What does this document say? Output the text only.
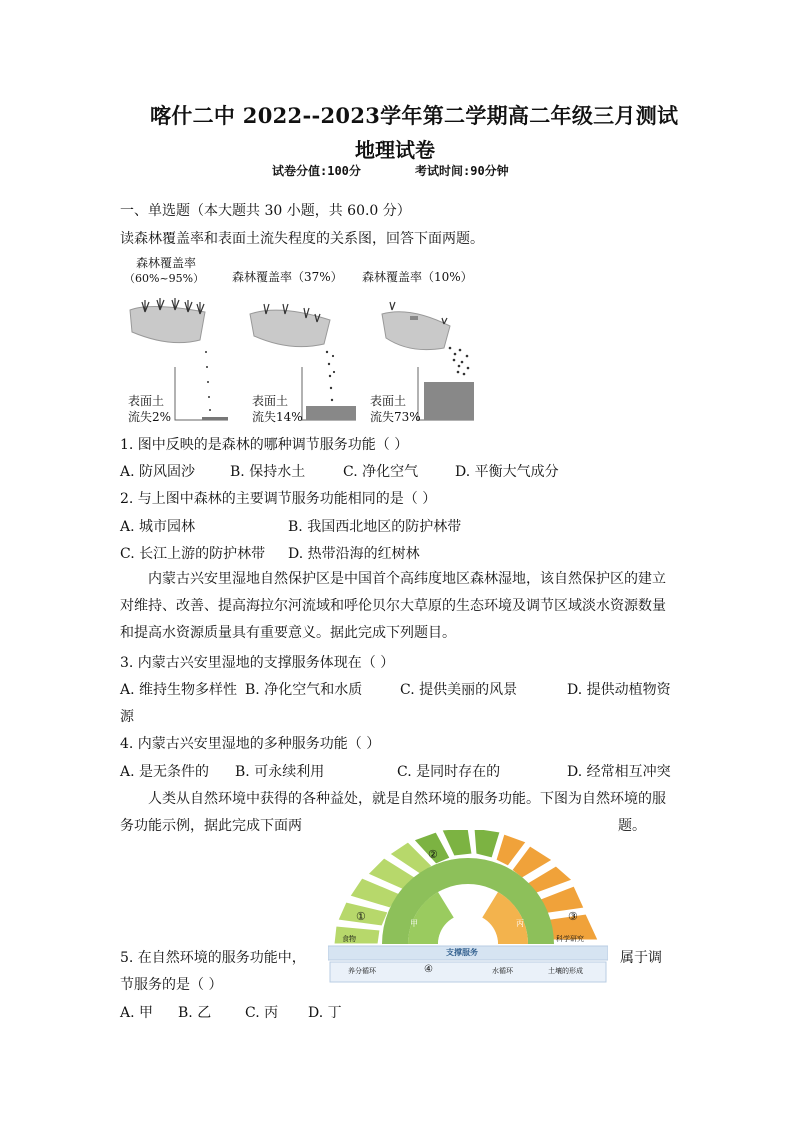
喀什二中 2022--2023学年第二学期高二年级三月测试
地理试卷
试卷分值:100分	考试时间:90分钟
一、单选题（本大题共 30 小题，共 60.0 分）
读森林覆盖率和表面土流失程度的关系图，回答下面两题。
森林覆盖率
（60%~95%） 森林覆盖率（37%） 森林覆盖率（10%）
表面土
流失2%
表面土
流失14%
表面土
流失73%
1. 图中反映的是森林的哪种调节服务功能（ ）
A. 防风固沙 B. 保持水土	C. 净化空气	D. 平衡大气成分
2. 与上图中森林的主要调节服务功能相同的是（ ）
A. 城市园林	B. 我国西北地区的防护林带
C. 长江上游的防护林带 D. 热带沿海的红树林
内蒙古兴安里湿地自然保护区是中国首个高纬度地区森林湿地，该自然保护区的建立对维持、改善、提高海拉尔河流域和呼伦贝尔大草原的生态环境及调节区域淡水资源数量和提高水资源质量具有重要意义。据此完成下列题目。
3. 内蒙古兴安里湿地的支撑服务体现在（ ）
A. 维持生物多样性 B. 净化空气和水质	C. 提供美丽的风景	D. 提供动植物资
源
4. 内蒙古兴安里湿地的多种服务功能（ ）
A. 是无条件的 B. 可永续利用	C. 是同时存在的	D. 经常相互冲突
人类从自然环境中获得的各种益处，就是自然环境的服务功能。下图为自然环境的服
务功能示例，据此完成下面两	题。
①
②
③
甲
乙
丙
食物	科学研究
支撑服务
养分循环	④	水循环	土壤的形成
5. 在自然环境的服务功能中，	属于调
节服务的是（ ）
A. 甲 B. 乙 C. 丙 D. 丁
